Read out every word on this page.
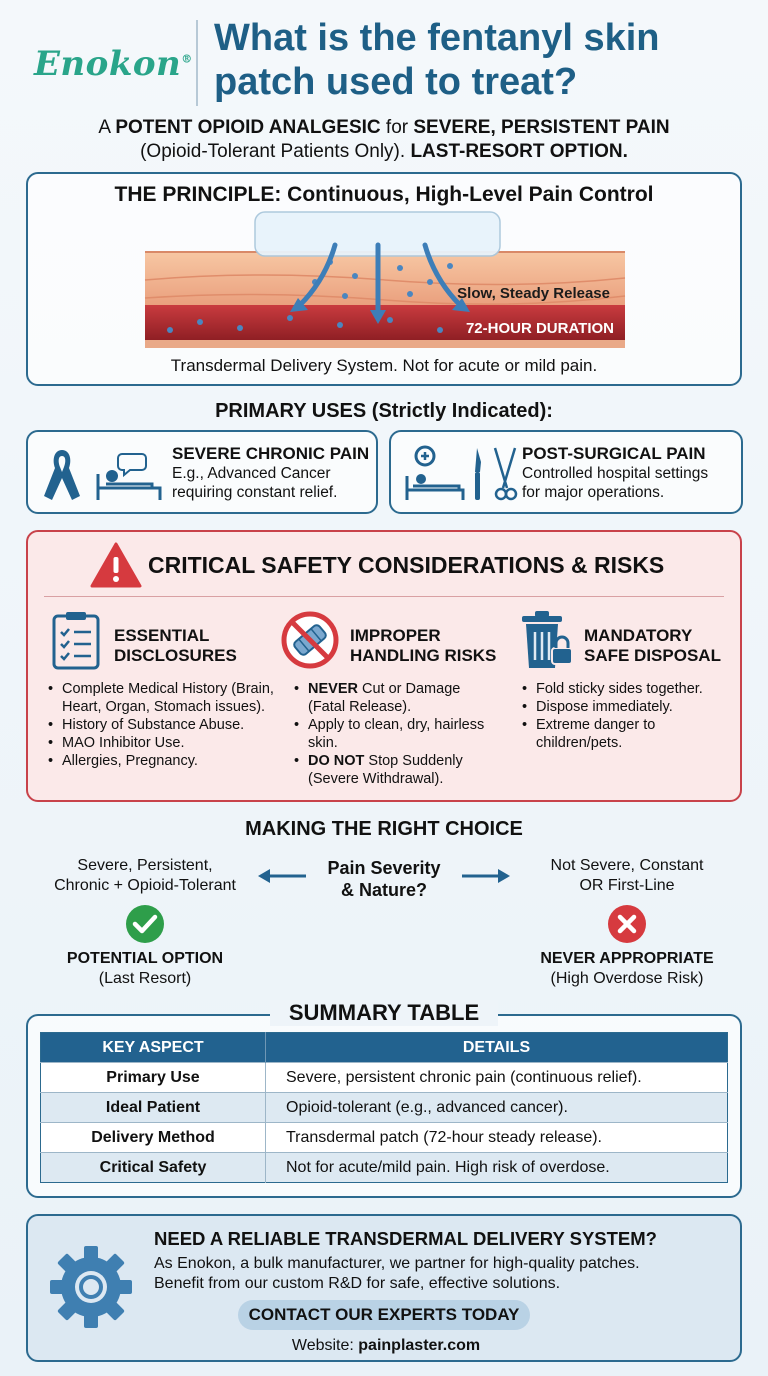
Enokon®
What is the fentanyl skin patch used to treat?
A POTENT OPIOID ANALGESIC for SEVERE, PERSISTENT PAIN
(Opioid-Tolerant Patients Only). LAST-RESORT OPTION.
THE PRINCIPLE: Continuous, High-Level Pain Control
Slow, Steady Release
72-HOUR DURATION
Transdermal Delivery System. Not for acute or mild pain.
PRIMARY USES (Strictly Indicated):
SEVERE CHRONIC PAIN
E.g., Advanced Cancer
requiring constant relief.
POST-SURGICAL PAIN
Controlled hospital settings
for major operations.
CRITICAL SAFETY CONSIDERATIONS & RISKS
ESSENTIAL
DISCLOSURES
• Complete Medical History (Brain, Heart, Organ, Stomach issues).
• History of Substance Abuse.
• MAO Inhibitor Use.
• Allergies, Pregnancy.
IMPROPER
HANDLING RISKS
• NEVER Cut or Damage (Fatal Release).
• Apply to clean, dry, hairless skin.
• DO NOT Stop Suddenly (Severe Withdrawal).
MANDATORY
SAFE DISPOSAL
• Fold sticky sides together.
• Dispose immediately.
• Extreme danger to children/pets.
MAKING THE RIGHT CHOICE
Severe, Persistent,
Chronic + Opioid-Tolerant
Pain Severity
& Nature?
Not Severe, Constant
OR First-Line
POTENTIAL OPTION
(Last Resort)
NEVER APPROPRIATE
(High Overdose Risk)
SUMMARY TABLE
KEY ASPECT	DETAILS
Primary Use	Severe, persistent chronic pain (continuous relief).
Ideal Patient	Opioid-tolerant (e.g., advanced cancer).
Delivery Method	Transdermal patch (72-hour steady release).
Critical Safety	Not for acute/mild pain. High risk of overdose.
NEED A RELIABLE TRANSDERMAL DELIVERY SYSTEM?
As Enokon, a bulk manufacturer, we partner for high-quality patches.
Benefit from our custom R&D for safe, effective solutions.
CONTACT OUR EXPERTS TODAY
Website: painplaster.com
